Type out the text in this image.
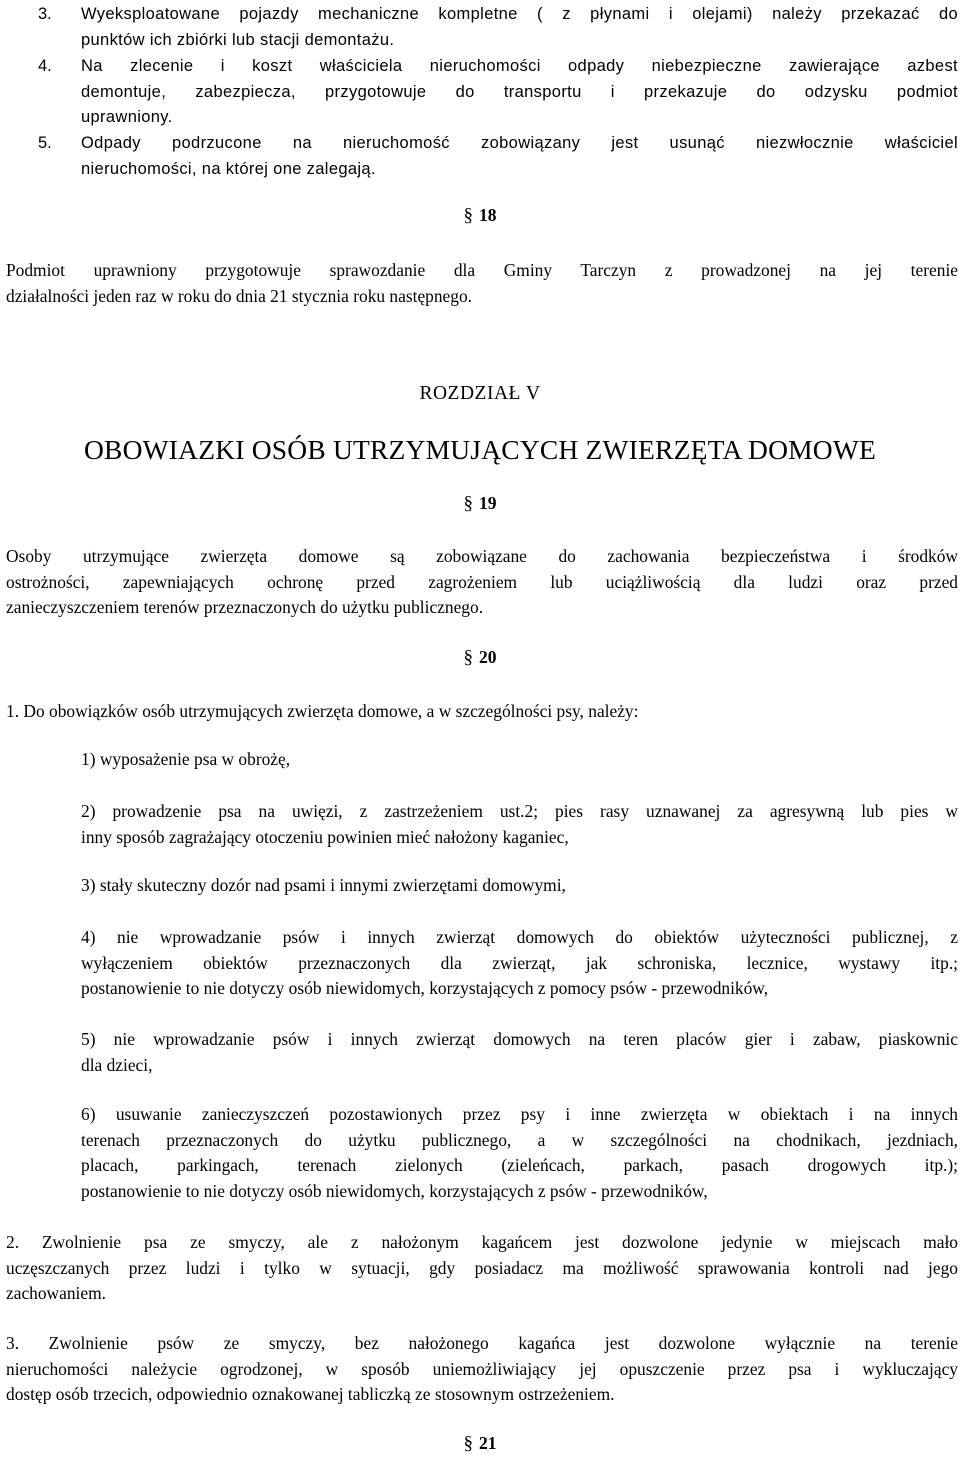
3. Wyeksploatowane pojazdy mechaniczne kompletne ( z płynami i olejami) należy przekazać do
punktów ich zbiórki lub stacji demontażu.
4. Na zlecenie i koszt właściciela nieruchomości odpady niebezpieczne zawierające azbest
demontuje, zabezpiecza, przygotowuje do transportu i przekazuje do odzysku podmiot
uprawniony.
5. Odpady podrzucone na nieruchomość zobowiązany jest usunąć niezwłocznie właściciel
nieruchomości, na której one zalegają.
§ 18
Podmiot uprawniony przygotowuje sprawozdanie dla Gminy Tarczyn z prowadzonej na jej terenie
działalności jeden raz w roku do dnia 21 stycznia roku następnego.
ROZDZIAŁ V
OBOWIAZKI OSÓB UTRZYMUJĄCYCH ZWIERZĘTA DOMOWE
§ 19
Osoby utrzymujące zwierzęta domowe są zobowiązane do zachowania bezpieczeństwa i środków
ostrożności, zapewniających ochronę przed zagrożeniem lub uciążliwością dla ludzi oraz przed
zanieczyszczeniem terenów przeznaczonych do użytku publicznego.
§ 20
1. Do obowiązków osób utrzymujących zwierzęta domowe, a w szczególności psy, należy:
1) wyposażenie psa w obrożę,
2) prowadzenie psa na uwięzi, z zastrzeżeniem ust.2; pies rasy uznawanej za agresywną lub pies w
inny sposób zagrażający otoczeniu powinien mieć nałożony kaganiec,
3) stały skuteczny dozór nad psami i innymi zwierzętami domowymi,
4) nie wprowadzanie psów i innych zwierząt domowych do obiektów użyteczności publicznej, z
wyłączeniem obiektów przeznaczonych dla zwierząt, jak schroniska, lecznice, wystawy itp.;
postanowienie to nie dotyczy osób niewidomych, korzystających z pomocy psów - przewodników,
5) nie wprowadzanie psów i innych zwierząt domowych na teren placów gier i zabaw, piaskownic
dla dzieci,
6) usuwanie zanieczyszczeń pozostawionych przez psy i inne zwierzęta w obiektach i na innych
terenach przeznaczonych do użytku publicznego, a w szczególności na chodnikach, jezdniach,
placach, parkingach, terenach zielonych (zieleńcach, parkach, pasach drogowych itp.);
postanowienie to nie dotyczy osób niewidomych, korzystających z psów - przewodników,
2. Zwolnienie psa ze smyczy, ale z nałożonym kagańcem jest dozwolone jedynie w miejscach mało
uczęszczanych przez ludzi i tylko w sytuacji, gdy posiadacz ma możliwość sprawowania kontroli nad jego
zachowaniem.
3. Zwolnienie psów ze smyczy, bez nałożonego kagańca jest dozwolone wyłącznie na terenie
nieruchomości należycie ogrodzonej, w sposób uniemożliwiający jej opuszczenie przez psa i wykluczający
dostęp osób trzecich, odpowiednio oznakowanej tabliczką ze stosownym ostrzeżeniem.
§ 21
